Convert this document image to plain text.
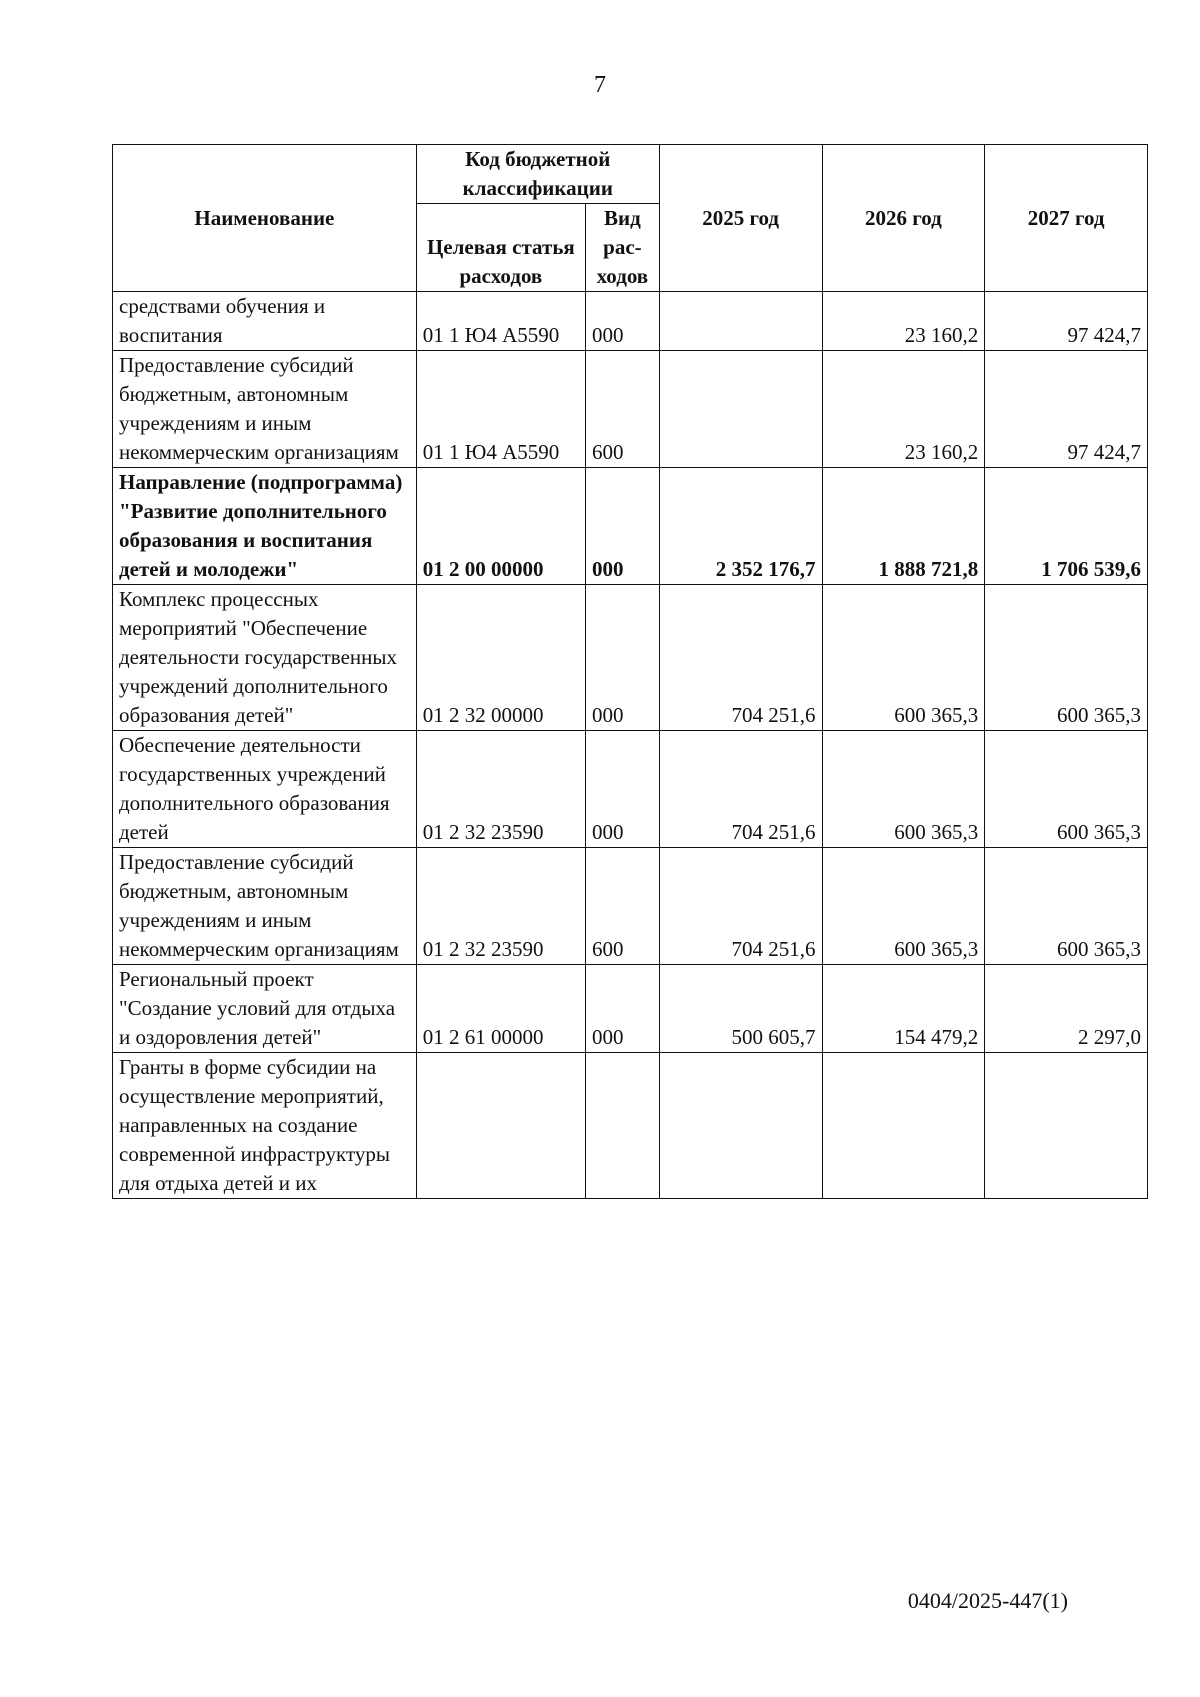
7
Наименование	Код бюджетной классификации		2025 год	2026 год	2027 год
	Целевая статья расходов	Вид рас-ходов			
средствами обучения и воспитания	01 1 Ю4 А5590	000		23 160,2	97 424,7
Предоставление субсидий бюджетным, автономным учреждениям и иным некоммерческим организациям	01 1 Ю4 А5590	600		23 160,2	97 424,7
Направление (подпрограмма) "Развитие дополнительного образования и воспитания детей и молодежи"	01 2 00 00000	000	2 352 176,7	1 888 721,8	1 706 539,6
Комплекс процессных мероприятий "Обеспечение деятельности государственных учреждений дополнительного образования детей"	01 2 32 00000	000	704 251,6	600 365,3	600 365,3
Обеспечение деятельности государственных учреждений дополнительного образования детей	01 2 32 23590	000	704 251,6	600 365,3	600 365,3
Предоставление субсидий бюджетным, автономным учреждениям и иным некоммерческим организациям	01 2 32 23590	600	704 251,6	600 365,3	600 365,3
Региональный проект "Создание условий для отдыха и оздоровления детей"	01 2 61 00000	000	500 605,7	154 479,2	2 297,0
Гранты в форме субсидии на осуществление мероприятий, направленных на создание современной инфраструктуры для отдыха детей и их					
0404/2025-447(1)
